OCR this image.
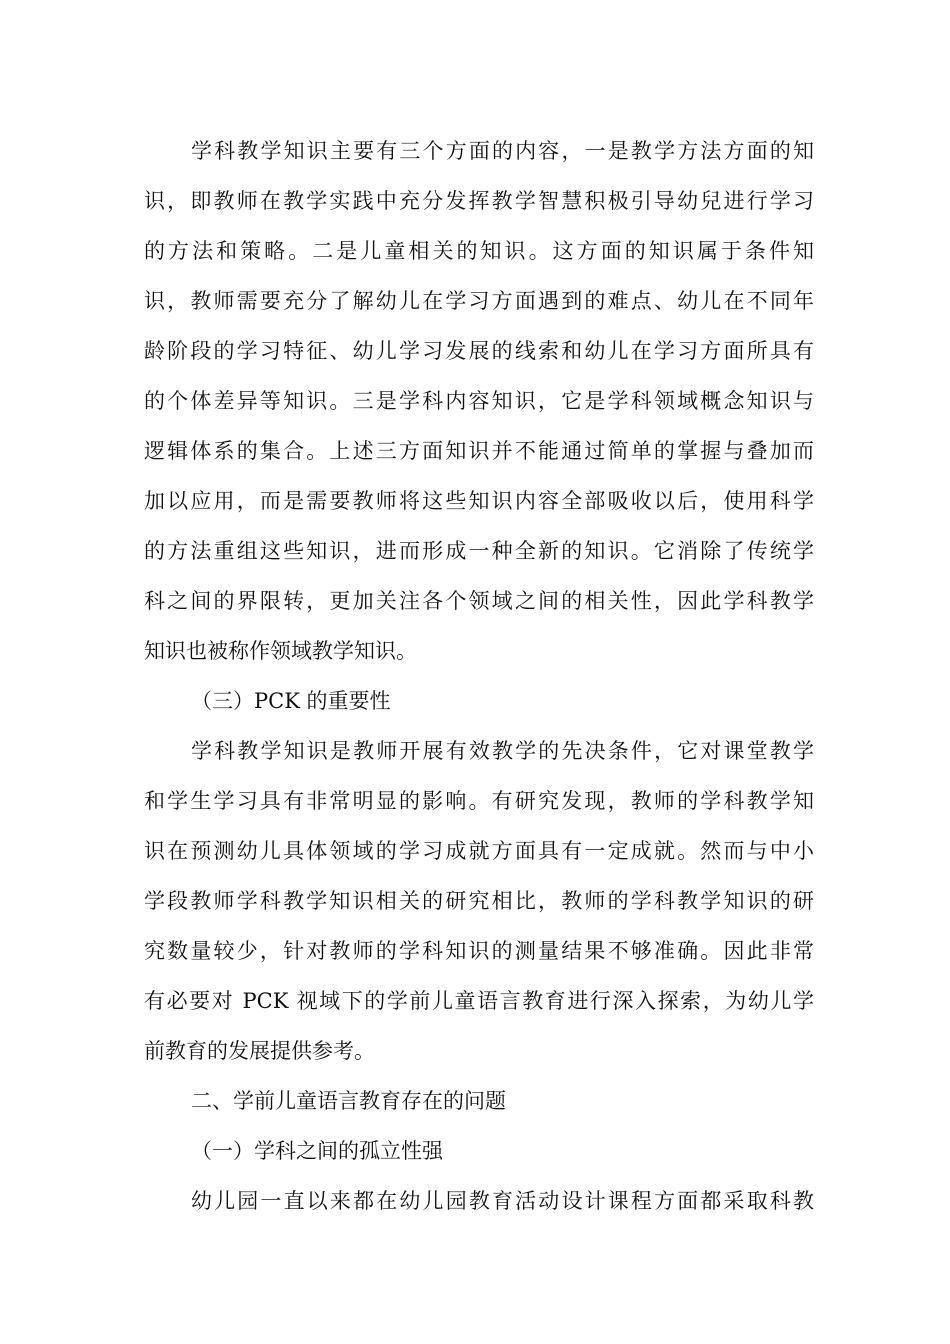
学科教学知识主要有三个方面的内容，一是教学方法方面的知
识，即教师在教学实践中充分发挥教学智慧积极引导幼兒进行学习
的方法和策略。二是儿童相关的知识。这方面的知识属于条件知
识，教师需要充分了解幼儿在学习方面遇到的难点、幼儿在不同年
龄阶段的学习特征、幼儿学习发展的线索和幼儿在学习方面所具有
的个体差异等知识。三是学科内容知识，它是学科领域概念知识与
逻辑体系的集合。上述三方面知识并不能通过简单的掌握与叠加而
加以应用，而是需要教师将这些知识内容全部吸收以后，使用科学
的方法重组这些知识，进而形成一种全新的知识。它消除了传统学
科之间的界限转，更加关注各个领域之间的相关性，因此学科教学
知识也被称作领域教学知识。
（三）PCK 的重要性
学科教学知识是教师开展有效教学的先决条件，它对课堂教学
和学生学习具有非常明显的影响。有研究发现，教师的学科教学知
识在预测幼儿具体领域的学习成就方面具有一定成就。然而与中小
学段教师学科教学知识相关的研究相比，教师的学科教学知识的研
究数量较少，针对教师的学科知识的测量结果不够准确。因此非常
有必要对 PCK 视域下的学前儿童语言教育进行深入探索，为幼儿学
前教育的发展提供参考。
二、学前儿童语言教育存在的问题
（一）学科之间的孤立性强
幼儿园一直以来都在幼儿园教育活动设计课程方面都采取科教
